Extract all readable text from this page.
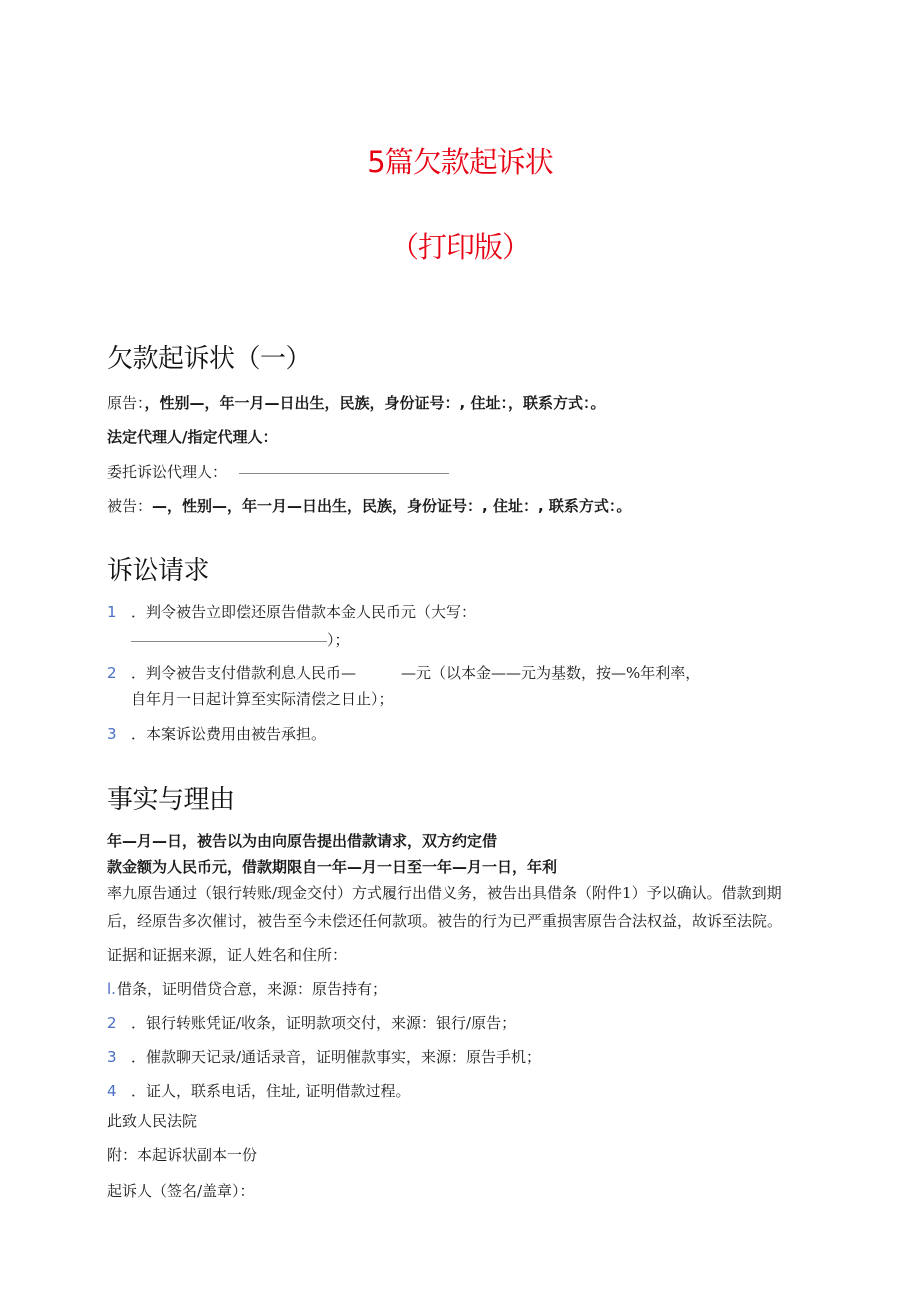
5篇欠款起诉状
（打印版）
欠款起诉状（一）
原告：，性别—，年一月—日出生，民族，身份证号：, 住址：，联系方式：。
法定代理人/指定代理人：
委托诉讼代理人：
被告：—，性别—，年一月—日出生，民族，身份证号：, 住址：, 联系方式：。
诉讼请求
1 ．判令被告立即偿还原告借款本金人民币元（大写：
）；
2 ．判令被告支付借款利息人民币—　　　—元（以本金——元为基数，按—%年利率，
自年月一日起计算至实际清偿之日止）；
3 ．本案诉讼费用由被告承担。
事实与理由
年—月—日，被告以为由向原告提出借款请求，双方约定借
款金额为人民币元，借款期限自一年—月一日至一年—月一日，年利
率九原告通过（银行转账/现金交付）方式履行出借义务，被告出具借条（附件1）予以确认。借款到期
后，经原告多次催讨，被告至今未偿还任何款项。被告的行为已严重损害原告合法权益，故诉至法院。
证据和证据来源，证人姓名和住所：
l.借条，证明借贷合意，来源：原告持有；
2 ．银行转账凭证/收条，证明款项交付，来源：银行/原告；
3 ．催款聊天记录/通话录音，证明催款事实，来源：原告手机；
4 ．证人，联系电话，住址, 证明借款过程。
此致人民法院
附：本起诉状副本一份
起诉人（签名/盖章）：
